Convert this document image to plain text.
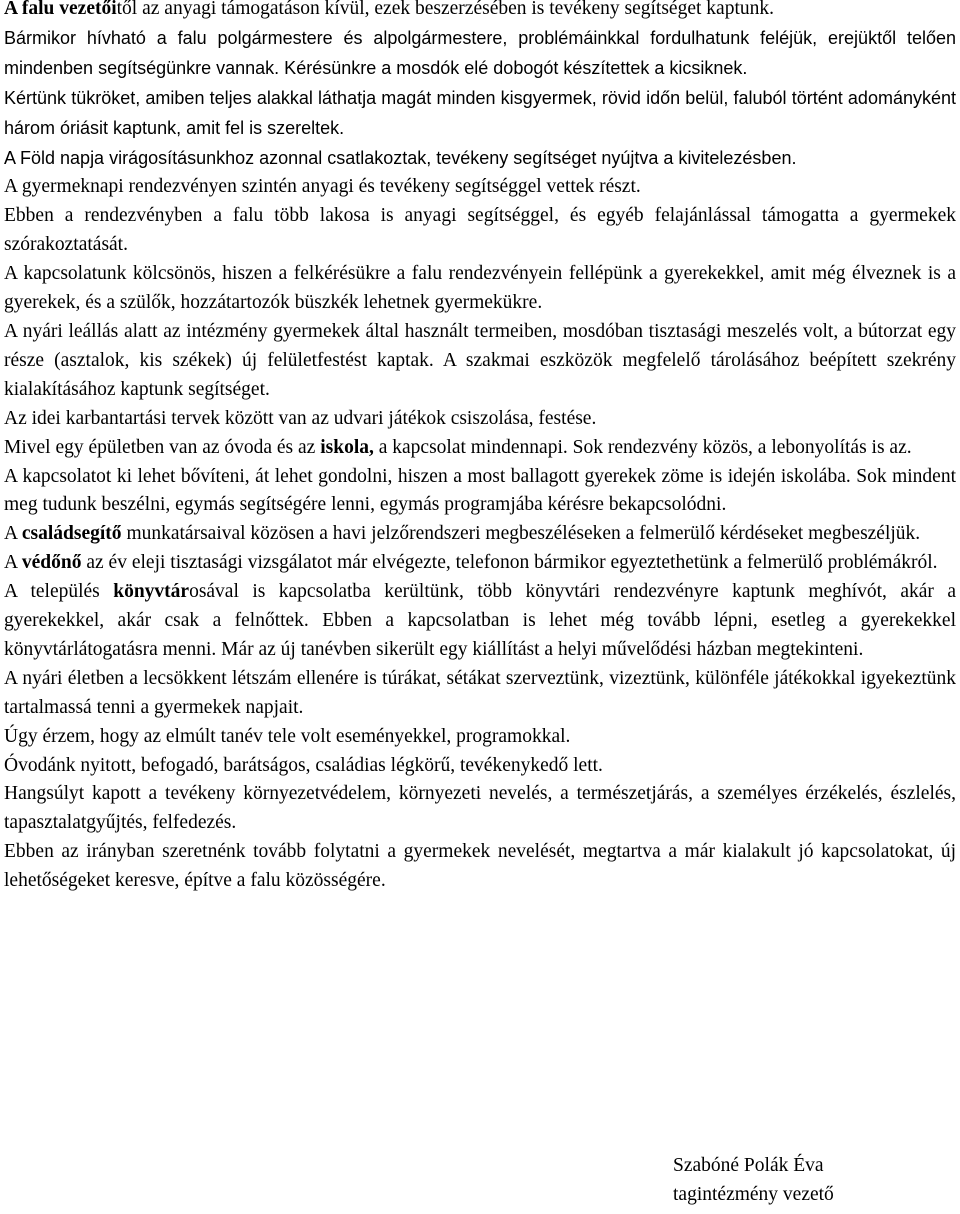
A falu vezetőitől az anyagi támogatáson kívül, ezek beszerzésében is tevékeny segítséget kaptunk.

Bármikor hívható a falu polgármestere és alpolgármestere, problémáinkkal fordulhatunk feléjük, erejüktől telően mindenben segítségünkre vannak. Kérésünkre a mosdók elé dobogót készítettek a kicsiknek.

Kértünk tükröket, amiben teljes alakkal láthatja magát minden kisgyermek, rövid időn belül, faluból történt adományként három óriásit kaptunk, amit fel is szereltek.

A Föld napja virágosításunkhoz azonnal csatlakoztak, tevékeny segítséget nyújtva a kivitelezésben.

A gyermeknapi rendezvényen szintén anyagi és tevékeny segítséggel vettek részt.

Ebben a rendezvényben a falu több lakosa is anyagi segítséggel, és egyéb felajánlással támogatta a gyermekek szórakoztatását.

A kapcsolatunk kölcsönös, hiszen a felkérésükre a falu rendezvényein fellépünk a gyerekekkel, amit még élveznek is a gyerekek, és a szülők, hozzátartozók büszkék lehetnek gyermekükre.

A nyári leállás alatt az intézmény gyermekek által használt termeiben, mosdóban tisztasági meszelés volt, a bútorzat egy része (asztalok, kis székek) új felületfestést kaptak. A szakmai eszközök megfelelő tárolásához beépített szekrény kialakításához kaptunk segítséget.

Az idei karbantartási tervek között van az udvari játékok csiszolása, festése.

Mivel egy épületben van az óvoda és az iskola, a kapcsolat mindennapi. Sok rendezvény közös, a lebonyolítás is az.

A kapcsolatot ki lehet bővíteni, át lehet gondolni, hiszen a most ballagott gyerekek zöme is idején iskolába. Sok mindent meg tudunk beszélni, egymás segítségére lenni, egymás programjába kérésre bekapcsolódni.

A családsegítő munkatársaival közösen a havi jelzőrendszeri megbeszéléseken a felmerülő kérdéseket megbeszéljük.

A védőnő az év eleji tisztasági vizsgálatot már elvégezte, telefonon bármikor egyeztethetünk a felmerülő problémákról.

A település könyvtárosával is kapcsolatba kerültünk, több könyvtári rendezvényre kaptunk meghívót, akár a gyerekekkel, akár csak a felnőttek. Ebben a kapcsolatban is lehet még tovább lépni, esetleg a gyerekekkel könyvtárlátogatásra menni. Már az új tanévben sikerült egy kiállítást a helyi művelődési házban megtekinteni.

A nyári életben a lecsökkent létszám ellenére is túrákat, sétákat szerveztünk, vizeztünk, különféle játékokkal igyekeztünk tartalmassá tenni a gyermekek napjait.

Úgy érzem, hogy az elmúlt tanév tele volt eseményekkel, programokkal.

Óvodánk nyitott, befogadó, barátságos, családias légkörű, tevékenykedő lett.

Hangsúlyt kapott a tevékeny környezetvédelem, környezeti nevelés, a természetjárás, a személyes érzékelés, észlelés, tapasztalatgyűjtés, felfedezés.

Ebben az irányban szeretnénk tovább folytatni a gyermekek nevelését, megtartva a már kialakult jó kapcsolatokat, új lehetőségeket keresve, építve a falu közösségére.

Szabóné Polák Éva
tagintézmény vezető
